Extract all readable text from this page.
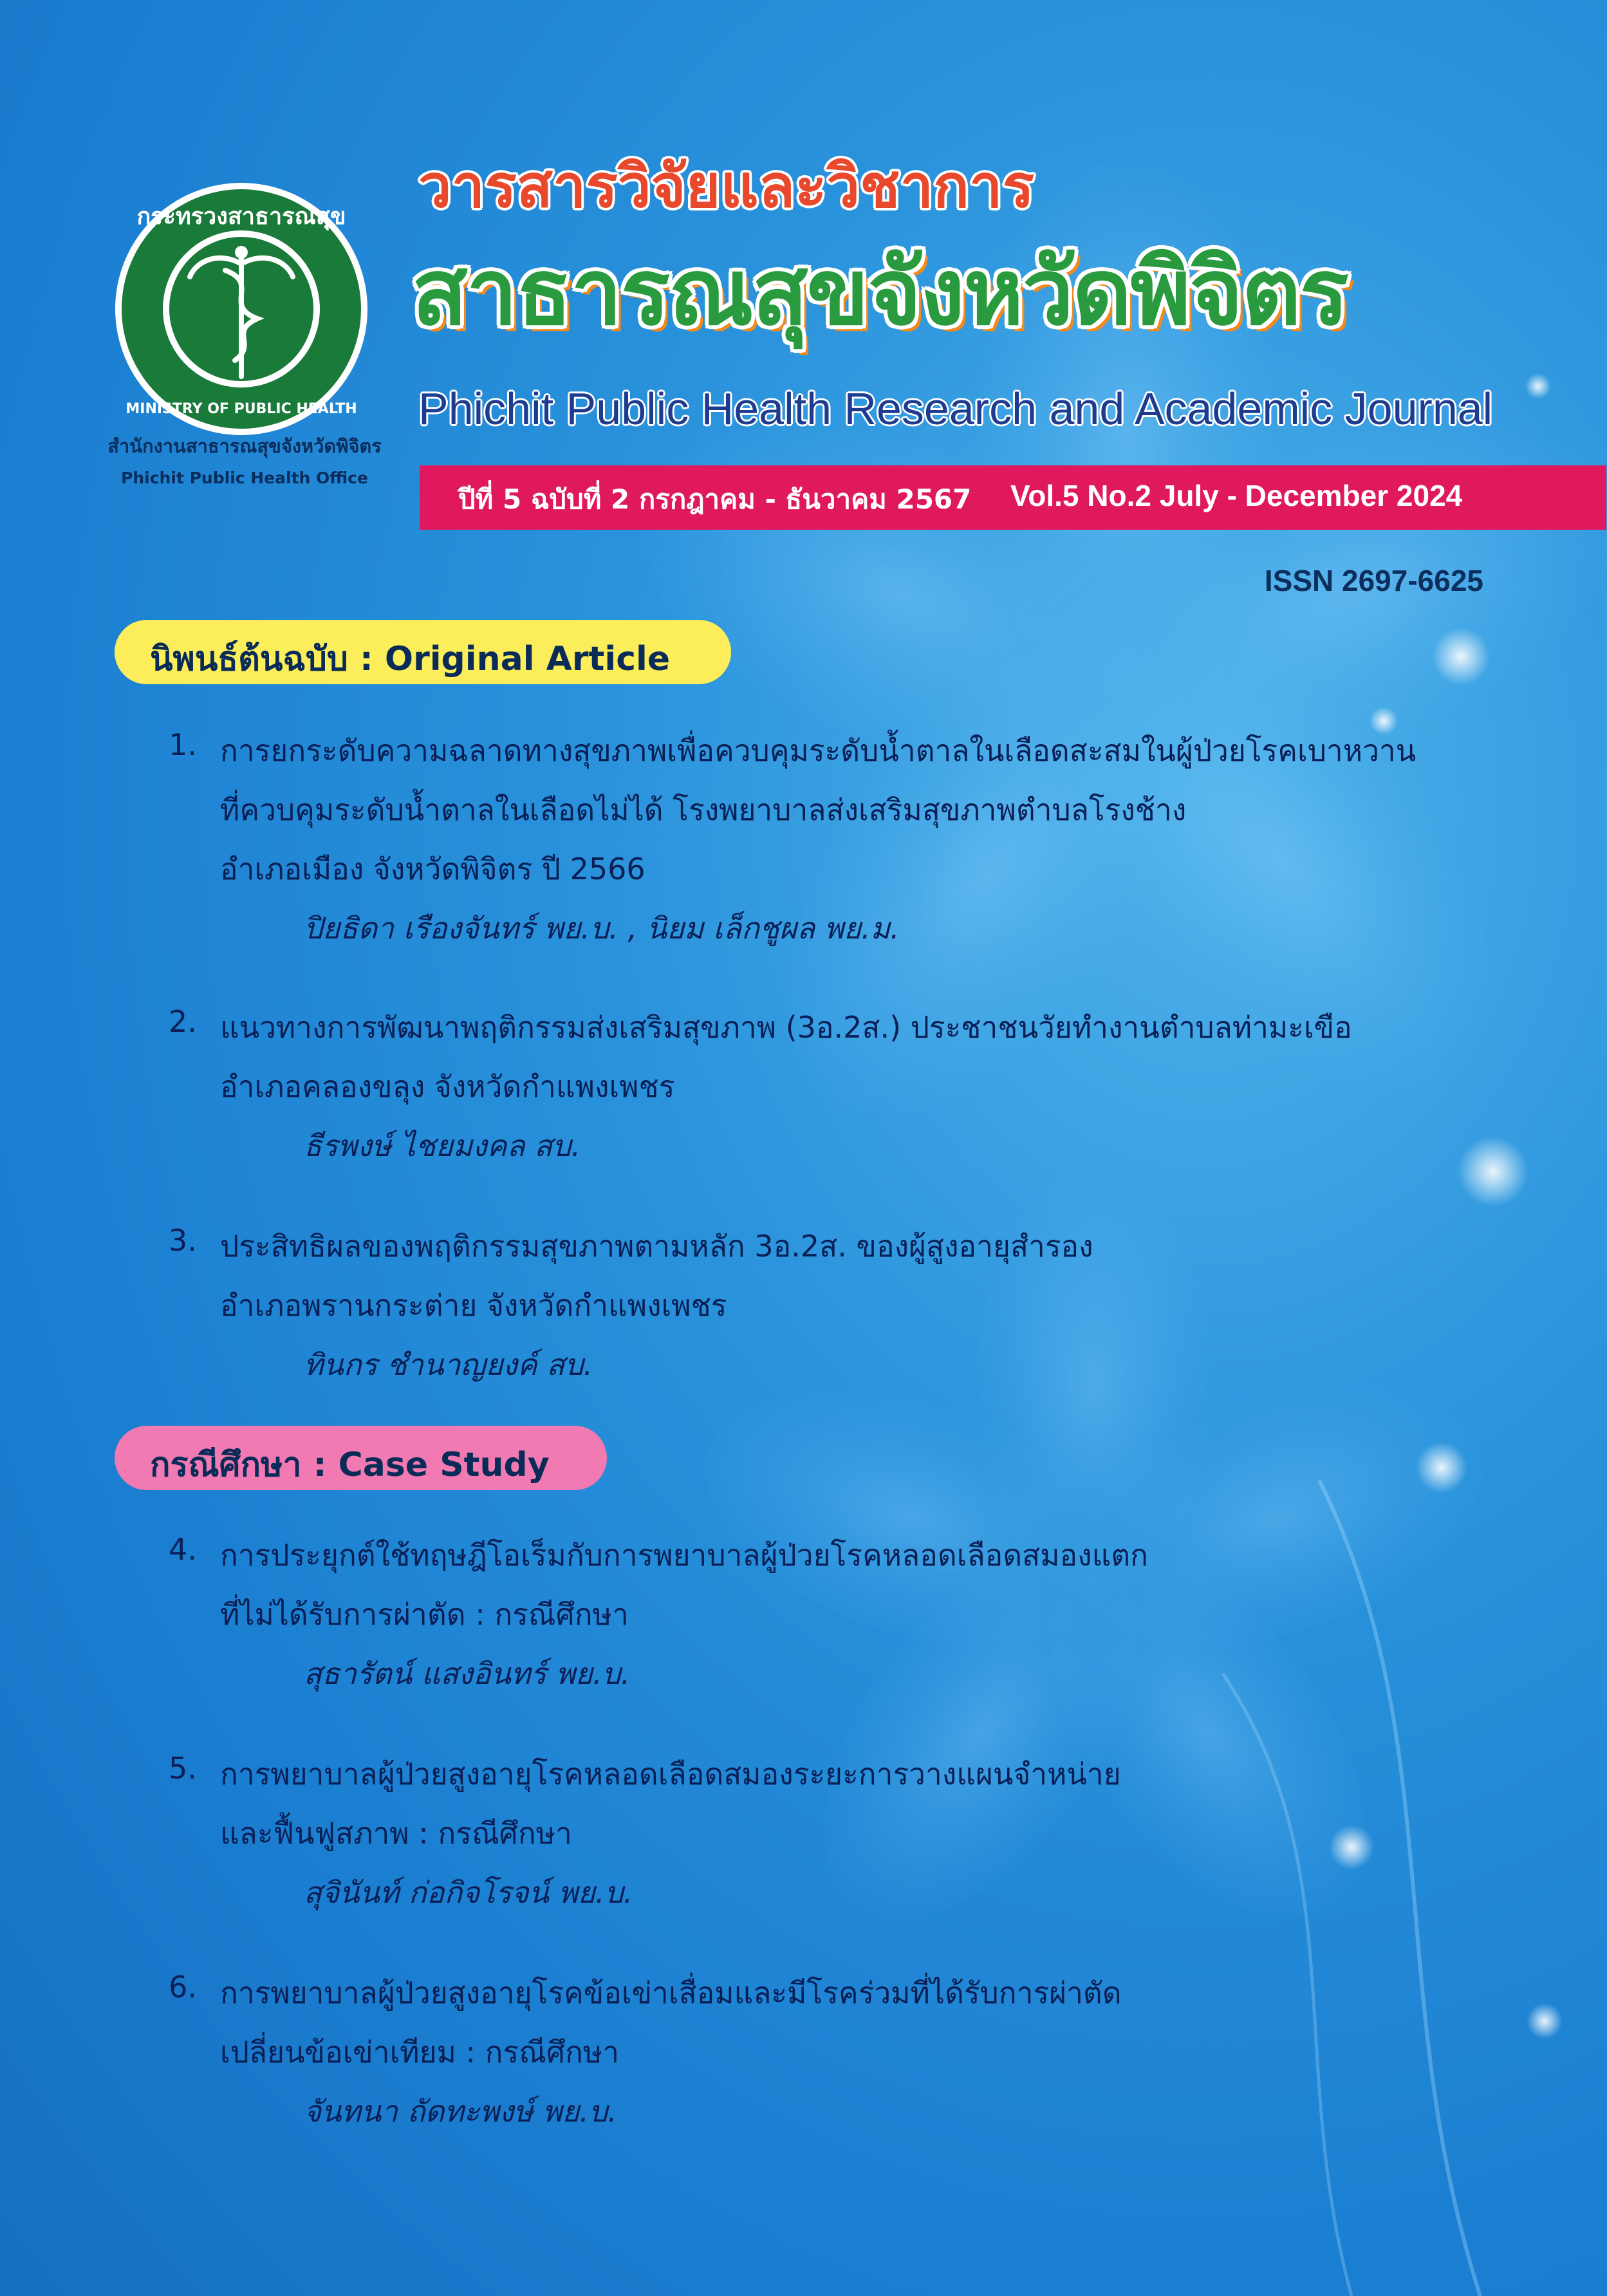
กระทรวงสาธารณสุข
MINISTRY OF PUBLIC HEALTH
สำนักงานสาธารณสุขจังหวัดพิจิตร
Phichit Public Health Office
วารสารวิจัยและวิชาการ
สาธารณสุขจังหวัดพิจิตร
Phichit Public Health Research and Academic Journal
ปีที่ 5 ฉบับที่ 2 กรกฎาคม - ธันวาคม 2567 Vol.5 No.2 July - December 2024
ISSN 2697-6625
นิพนธ์ต้นฉบับ : Original Article
1. การยกระดับความฉลาดทางสุขภาพเพื่อควบคุมระดับน้ำตาลในเลือดสะสมในผู้ป่วยโรคเบาหวาน
ที่ควบคุมระดับน้ำตาลในเลือดไม่ได้ โรงพยาบาลส่งเสริมสุขภาพตำบลโรงช้าง
อำเภอเมือง จังหวัดพิจิตร ปี 2566
ปิยธิดา เรืองจันทร์ พย.บ. , นิยม เล็กชูผล พย.ม.
2. แนวทางการพัฒนาพฤติกรรมส่งเสริมสุขภาพ (3อ.2ส.) ประชาชนวัยทำงานตำบลท่ามะเขือ
อำเภอคลองขลุง จังหวัดกำแพงเพชร
ธีรพงษ์ ไชยมงคล สบ.
3. ประสิทธิผลของพฤติกรรมสุขภาพตามหลัก 3อ.2ส. ของผู้สูงอายุสำรอง
อำเภอพรานกระต่าย จังหวัดกำแพงเพชร
ทินกร ชำนาญยงค์ สบ.
กรณีศึกษา : Case Study
4. การประยุกต์ใช้ทฤษฎีโอเร็มกับการพยาบาลผู้ป่วยโรคหลอดเลือดสมองแตก
ที่ไม่ได้รับการผ่าตัด : กรณีศึกษา
สุธารัตน์ แสงอินทร์ พย.บ.
5. การพยาบาลผู้ป่วยสูงอายุโรคหลอดเลือดสมองระยะการวางแผนจำหน่าย
และฟื้นฟูสภาพ : กรณีศึกษา
สุจินันท์ ก่อกิจโรจน์ พย.บ.
6. การพยาบาลผู้ป่วยสูงอายุโรคข้อเข่าเสื่อมและมีโรคร่วมที่ได้รับการผ่าตัด
เปลี่ยนข้อเข่าเทียม : กรณีศึกษา
จันทนา ถัดทะพงษ์ พย.บ.
